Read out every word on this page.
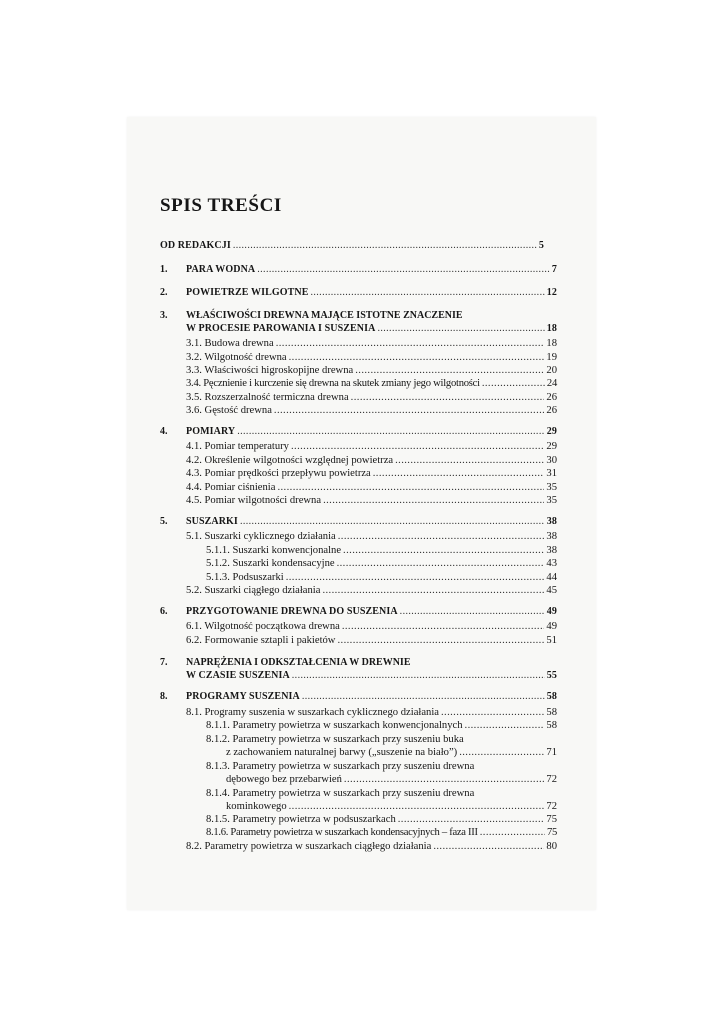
SPIS TREŚCI
OD REDAKCJI .....	5
1. PARA WODNA .....	7
2. POWIETRZE WILGOTNE .....	12
3. WŁAŚCIWOŚCI DREWNA MAJĄCE ISTOTNE ZNACZENIE
W PROCESIE PAROWANIA I SUSZENIA .....	18
3.1. Budowa drewna .....	18
3.2. Wilgotność drewna .....	19
3.3. Właściwości higroskopijne drewna .....	20
3.4. Pęcznienie i kurczenie się drewna na skutek zmiany jego wilgotności .....	24
3.5. Rozszerzalność termiczna drewna .....	26
3.6. Gęstość drewna .....	26
4. POMIARY .....	29
4.1. Pomiar temperatury .....	29
4.2. Określenie wilgotności względnej powietrza .....	30
4.3. Pomiar prędkości przepływu powietrza .....	31
4.4. Pomiar ciśnienia .....	35
4.5. Pomiar wilgotności drewna .....	35
5. SUSZARKI .....	38
5.1. Suszarki cyklicznego działania .....	38
5.1.1. Suszarki konwencjonalne .....	38
5.1.2. Suszarki kondensacyjne .....	43
5.1.3. Podsuszarki .....	44
5.2. Suszarki ciągłego działania .....	45
6. PRZYGOTOWANIE DREWNA DO SUSZENIA .....	49
6.1. Wilgotność początkowa drewna .....	49
6.2. Formowanie sztapli i pakietów .....	51
7. NAPRĘŻENIA I ODKSZTAŁCENIA W DREWNIE
W CZASIE SUSZENIA .....	55
8. PROGRAMY SUSZENIA .....	58
8.1. Programy suszenia w suszarkach cyklicznego działania .....	58
8.1.1. Parametry powietrza w suszarkach konwencjonalnych .....	58
8.1.2. Parametry powietrza w suszarkach przy suszeniu buka
z zachowaniem naturalnej barwy („suszenie na biało”) .....	71
8.1.3. Parametry powietrza w suszarkach przy suszeniu drewna
dębowego bez przebarwień .....	72
8.1.4. Parametry powietrza w suszarkach przy suszeniu drewna
kominkowego .....	72
8.1.5. Parametry powietrza w podsuszarkach .....	75
8.1.6. Parametry powietrza w suszarkach kondensacyjnych – faza III .....	75
8.2. Parametry powietrza w suszarkach ciągłego działania .....	80
